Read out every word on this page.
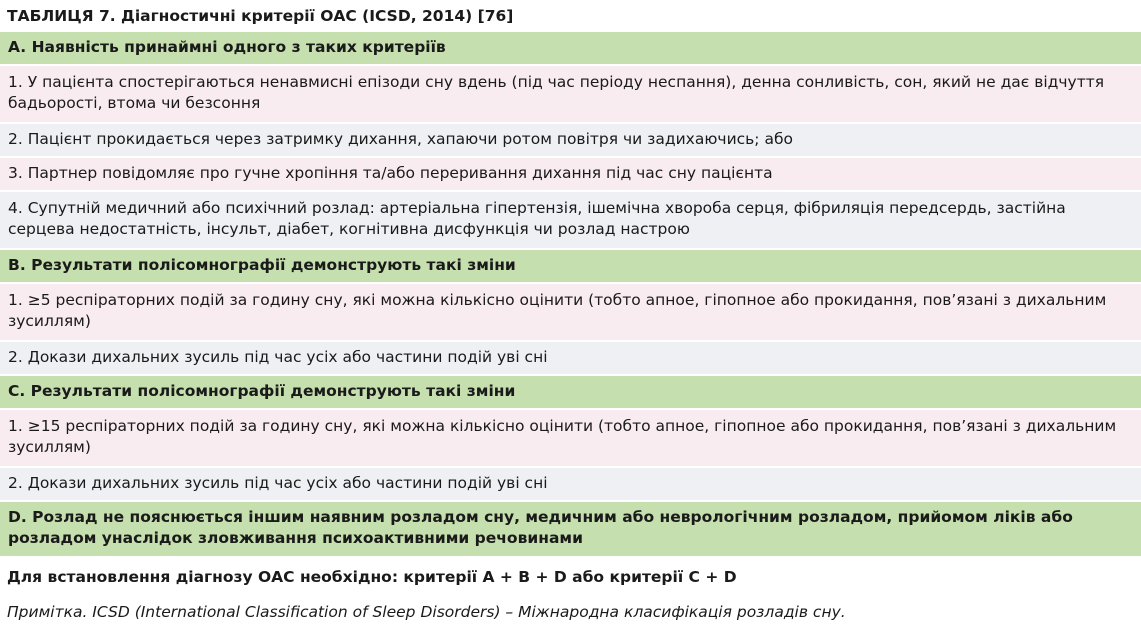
ТАБЛИЦЯ 7. Діагностичні критерії ОАС (ICSD, 2014) [76]
A. Наявність принаймні одного з таких критеріїв
1. У пацієнта спостерігаються ненавмисні епізоди сну вдень (під час періоду неспання), денна сонливість, сон, який не дає відчуття бадьорості, втома чи безсоння
2. Пацієнт прокидається через затримку дихання, хапаючи ротом повітря чи задихаючись; або
3. Партнер повідомляє про гучне хропіння та/або переривання дихання під час сну пацієнта
4. Супутній медичний або психічний розлад: артеріальна гіпертензія, ішемічна хвороба серця, фібриляція передсердь, застійна серцева недостатність, інсульт, діабет, когнітивна дисфункція чи розлад настрою
B. Результати полісомнографії демонструють такі зміни
1. ≥5 респіраторних подій за годину сну, які можна кількісно оцінити (тобто апное, гіпопное або прокидання, пов’язані з дихальним зусиллям)
2. Докази дихальних зусиль під час усіх або частини подій уві сні
C. Результати полісомнографії демонструють такі зміни
1. ≥15 респіраторних подій за годину сну, які можна кількісно оцінити (тобто апное, гіпопное або прокидання, пов’язані з дихальним зусиллям)
2. Докази дихальних зусиль під час усіх або частини подій уві сні
D. Розлад не пояснюється іншим наявним розладом сну, медичним або неврологічним розладом, прийомом ліків або розладом унаслідок зловживання психоактивними речовинами
Для встановлення діагнозу ОАС необхідно: критерії A + B + D або критерії C + D
Примітка. ICSD (International Classification of Sleep Disorders) – Міжнародна класифікація розладів сну.
